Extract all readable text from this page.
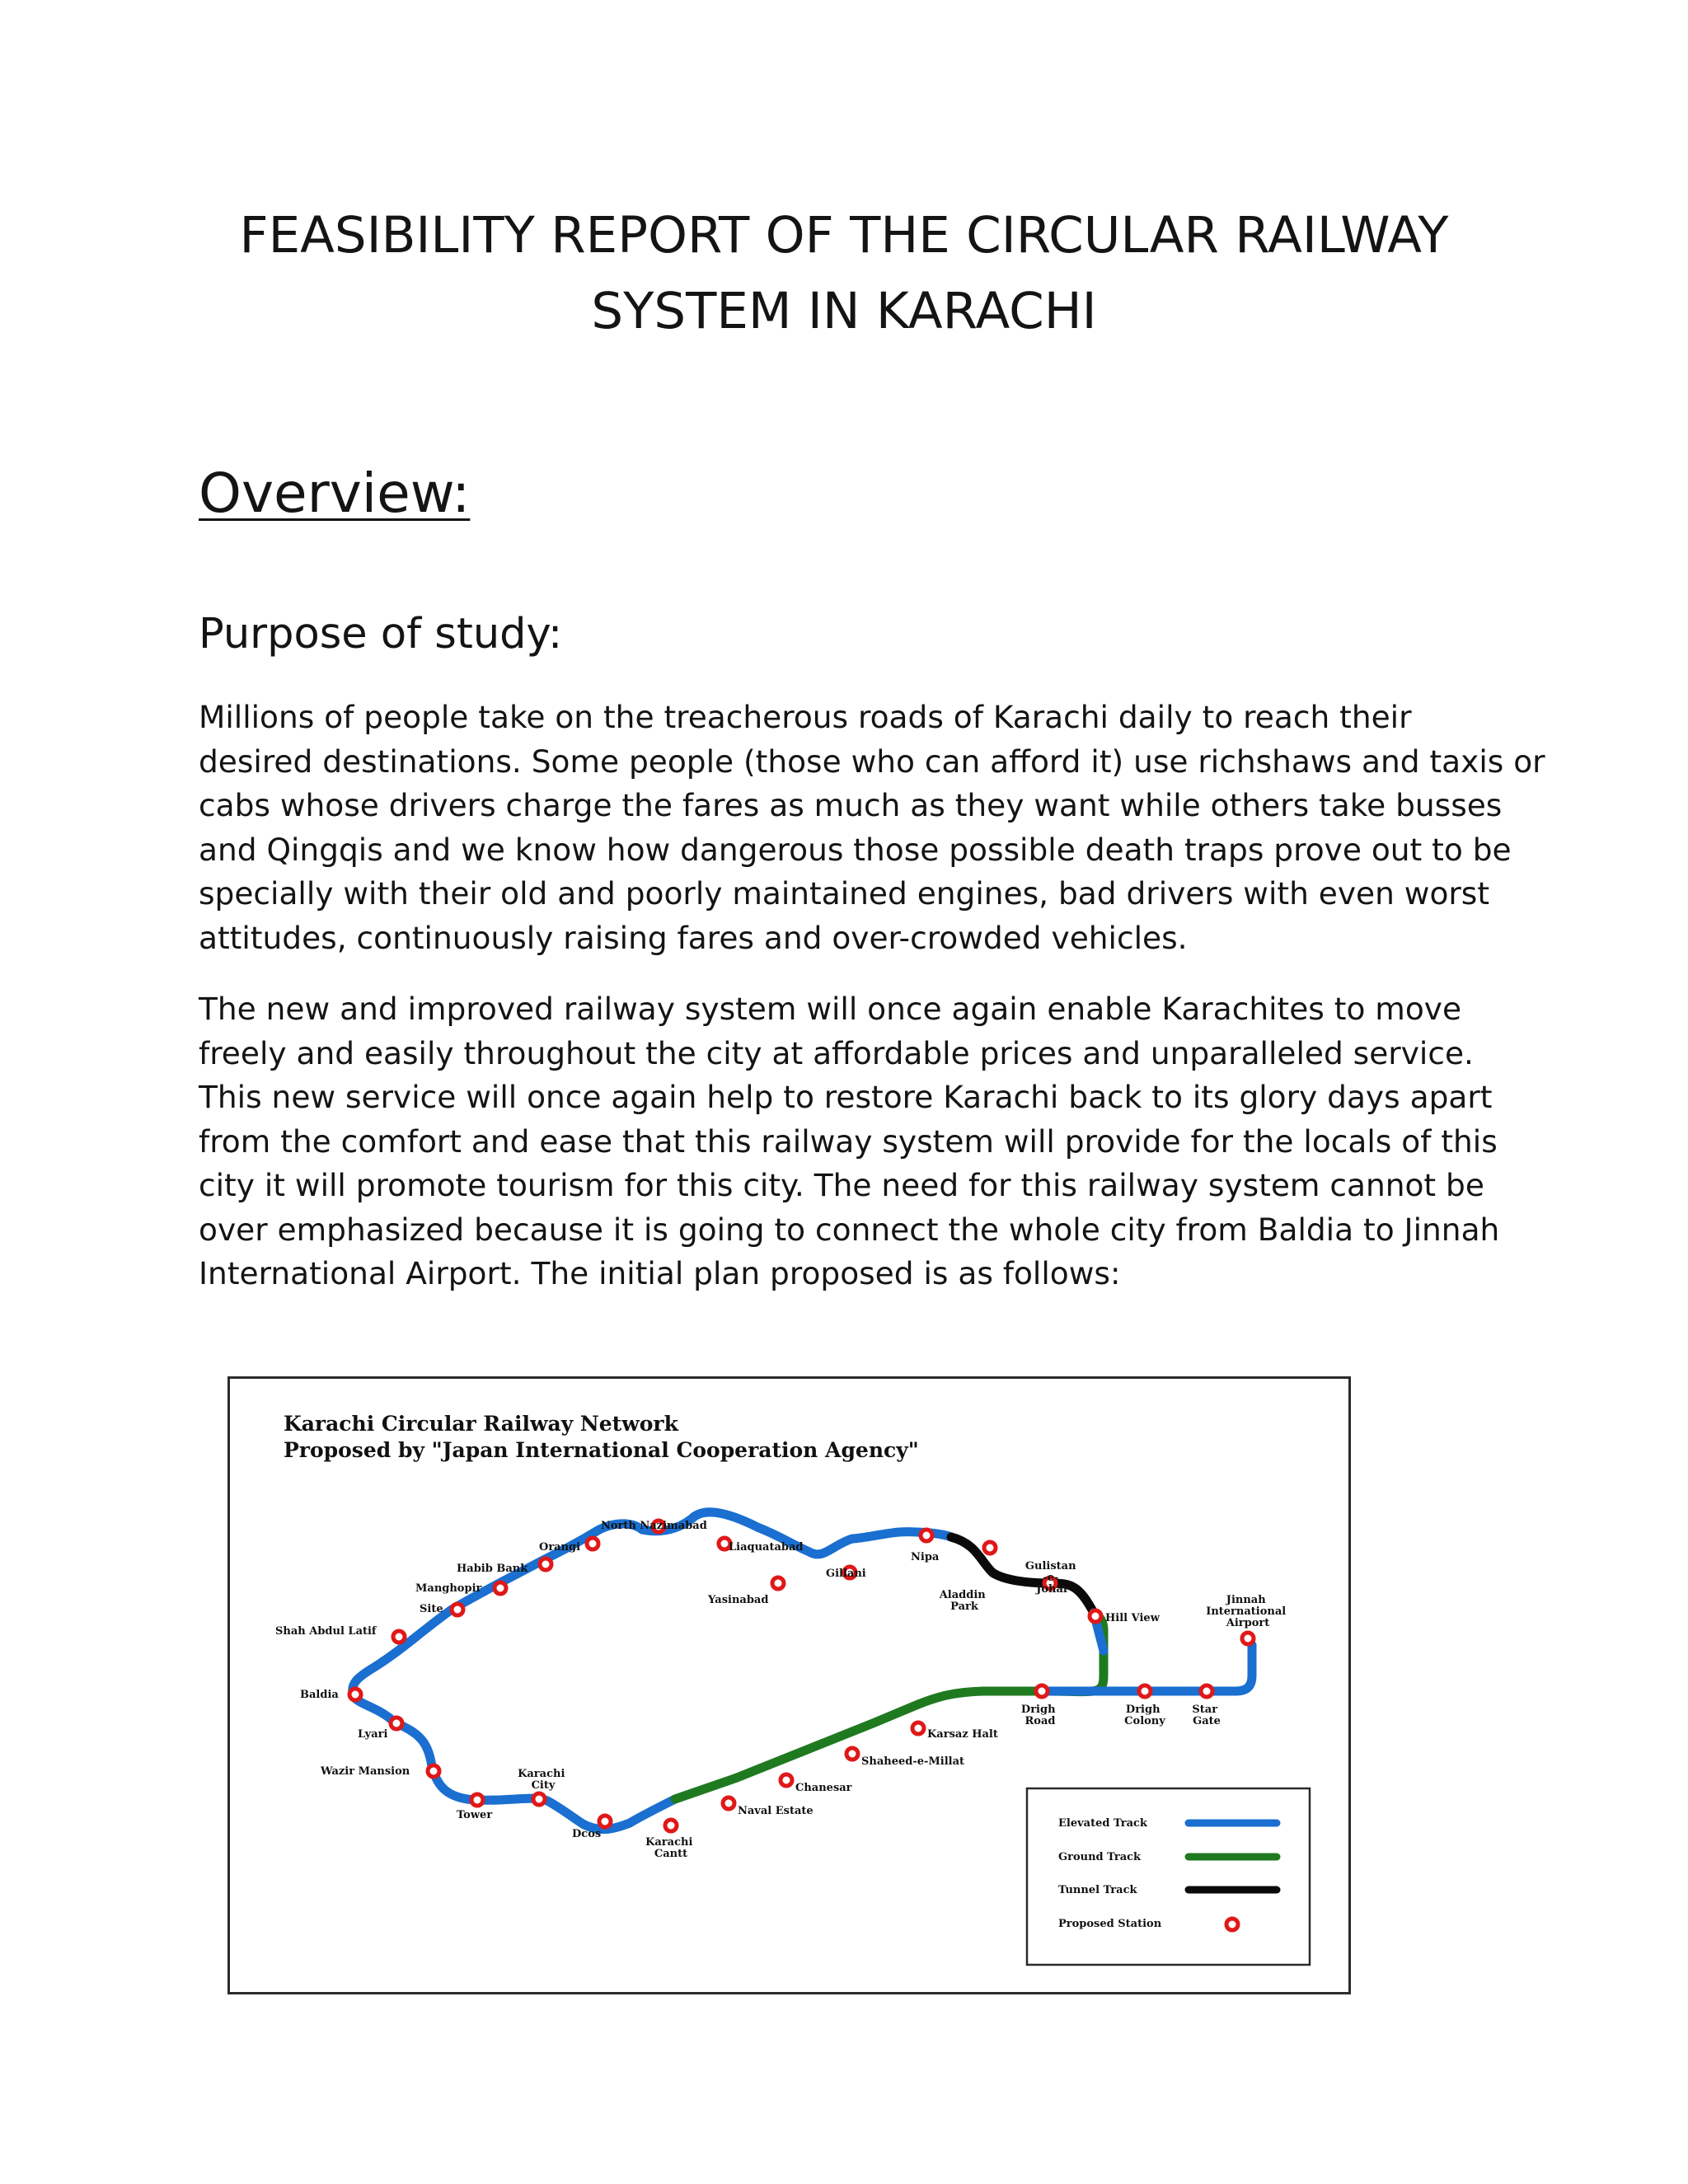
FEASIBILITY REPORT OF THE CIRCULAR RAILWAY
SYSTEM IN KARACHI
Overview:
Purpose of study:

Millions of people take on the treacherous roads of Karachi daily to reach their
desired destinations. Some people (those who can afford it) use richshaws and taxis or
cabs whose drivers charge the fares as much as they want while others take busses
and Qingqis and we know how dangerous those possible death traps prove out to be
specially with their old and poorly maintained engines, bad drivers with even worst
attitudes, continuously raising fares and over-crowded vehicles.

The new and improved railway system will once again enable Karachites to move
freely and easily throughout the city at affordable prices and unparalleled service.
This new service will once again help to restore Karachi back to its glory days apart
from the comfort and ease that this railway system will provide for the locals of this
city it will promote tourism for this city. The need for this railway system cannot be
over emphasized because it is going to connect the whole city from Baldia to Jinnah
International Airport. The initial plan proposed is as follows:

Karachi Circular Railway Network
Proposed by "Japan International Cooperation Agency"
North Nazimabad
Orangi	Liaquatabad
Habib Bank
Nipa
Gillani
Manghopir
Yasinabad
Site
Shah Abdul Latif
Baldia
Lyari
Wazir Mansion
Tower
Dcos
Naval Estate
Chanesar
Shaheed-e-Millat
Karsaz Halt
Hill View
Gulistan -e- Johar
Aladdin Park
Jinnah International Airport
Karachi City
Karachi Cantt
Drigh Road
Drigh Colony
Star Gate
Elevated Track
Ground Track
Tunnel Track
Proposed Station
